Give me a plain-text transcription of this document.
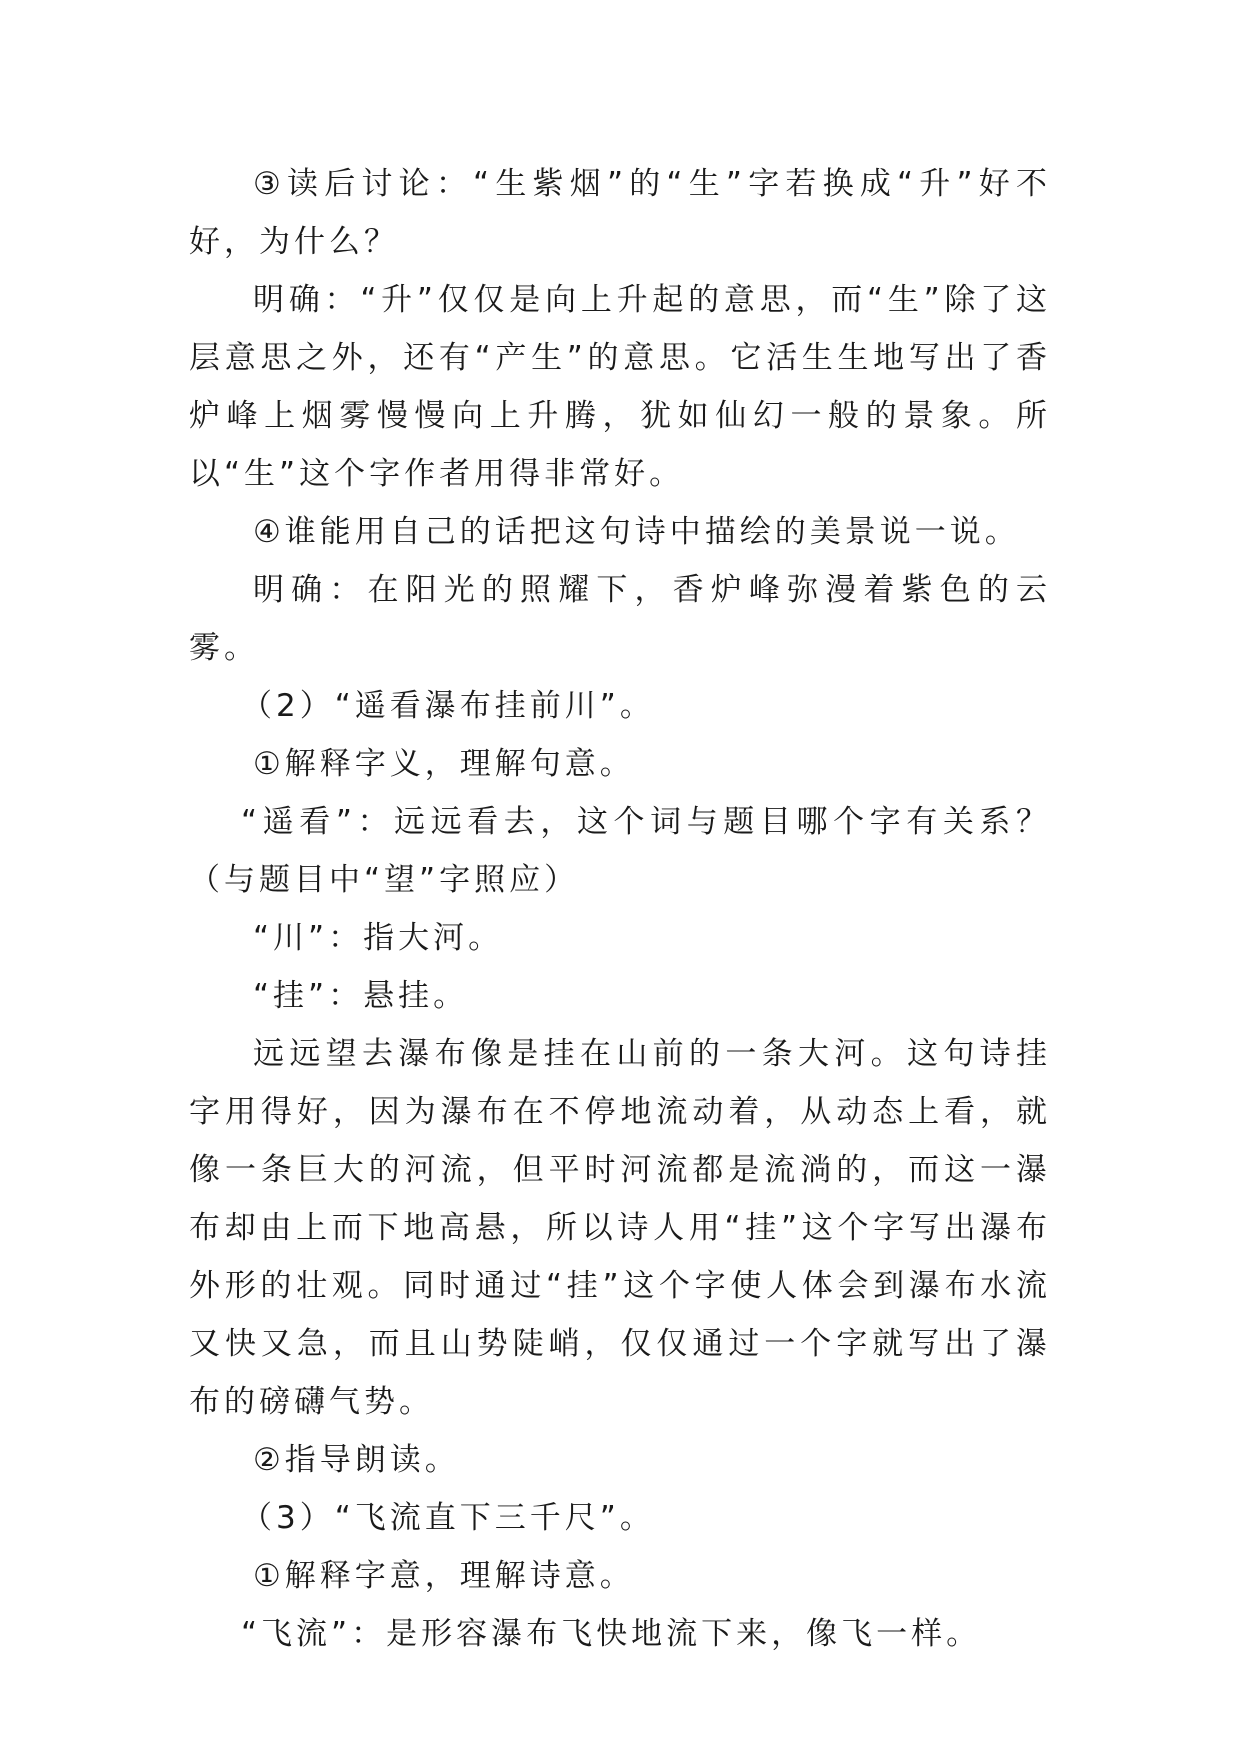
③读后讨论：“生紫烟”的“生”字若换成“升”好不好，为什么？

明确：“升”仅仅是向上升起的意思，而“生”除了这层意思之外，还有“产生”的意思。它活生生地写出了香炉峰上烟雾慢慢向上升腾，犹如仙幻一般的景象。所以“生”这个字作者用得非常好。

④谁能用自己的话把这句诗中描绘的美景说一说。

明确：在阳光的照耀下，香炉峰弥漫着紫色的云雾。

（2）“遥看瀑布挂前川”。

①解释字义，理解句意。

“遥看”：远远看去，这个词与题目哪个字有关系？（与题目中“望”字照应）

“川”：指大河。

“挂”：悬挂。

远远望去瀑布像是挂在山前的一条大河。这句诗挂字用得好，因为瀑布在不停地流动着，从动态上看，就像一条巨大的河流，但平时河流都是流淌的，而这一瀑布却由上而下地高悬，所以诗人用“挂”这个字写出瀑布外形的壮观。同时通过“挂”这个字使人体会到瀑布水流又快又急，而且山势陡峭，仅仅通过一个字就写出了瀑布的磅礴气势。

②指导朗读。

（3）“飞流直下三千尺”。

①解释字意，理解诗意。

“飞流”：是形容瀑布飞快地流下来，像飞一样。
